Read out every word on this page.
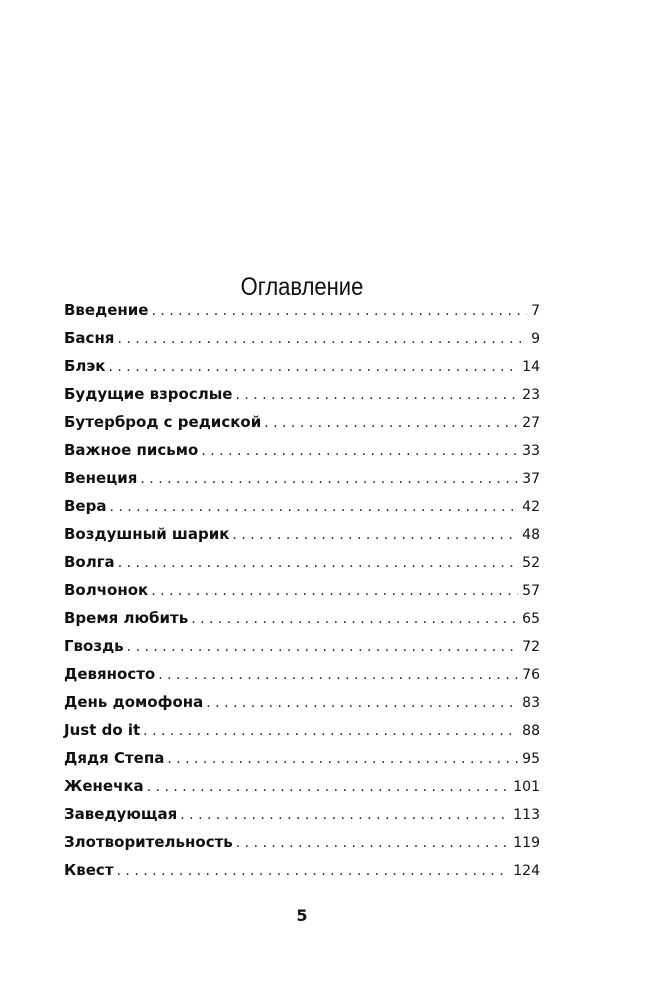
Оглавление
Введение . . .	7
Басня . . .	9
Блэк . . .	14
Будущие взрослые . . .	23
Бутерброд с редиской . . .	27
Важное письмо . . .	33
Венеция . . .	37
Вера . . .	42
Воздушный шарик . . .	48
Волга . . .	52
Волчонок . . .	57
Время любить . . .	65
Гвоздь . . .	72
Девяносто . . .	76
День домофона . . .	83
Just do it . . .	88
Дядя Степа . . .	95
Женечка . . .	101
Заведующая . . .	113
Злотворительность . . .	119
Квест . . .	124
5
